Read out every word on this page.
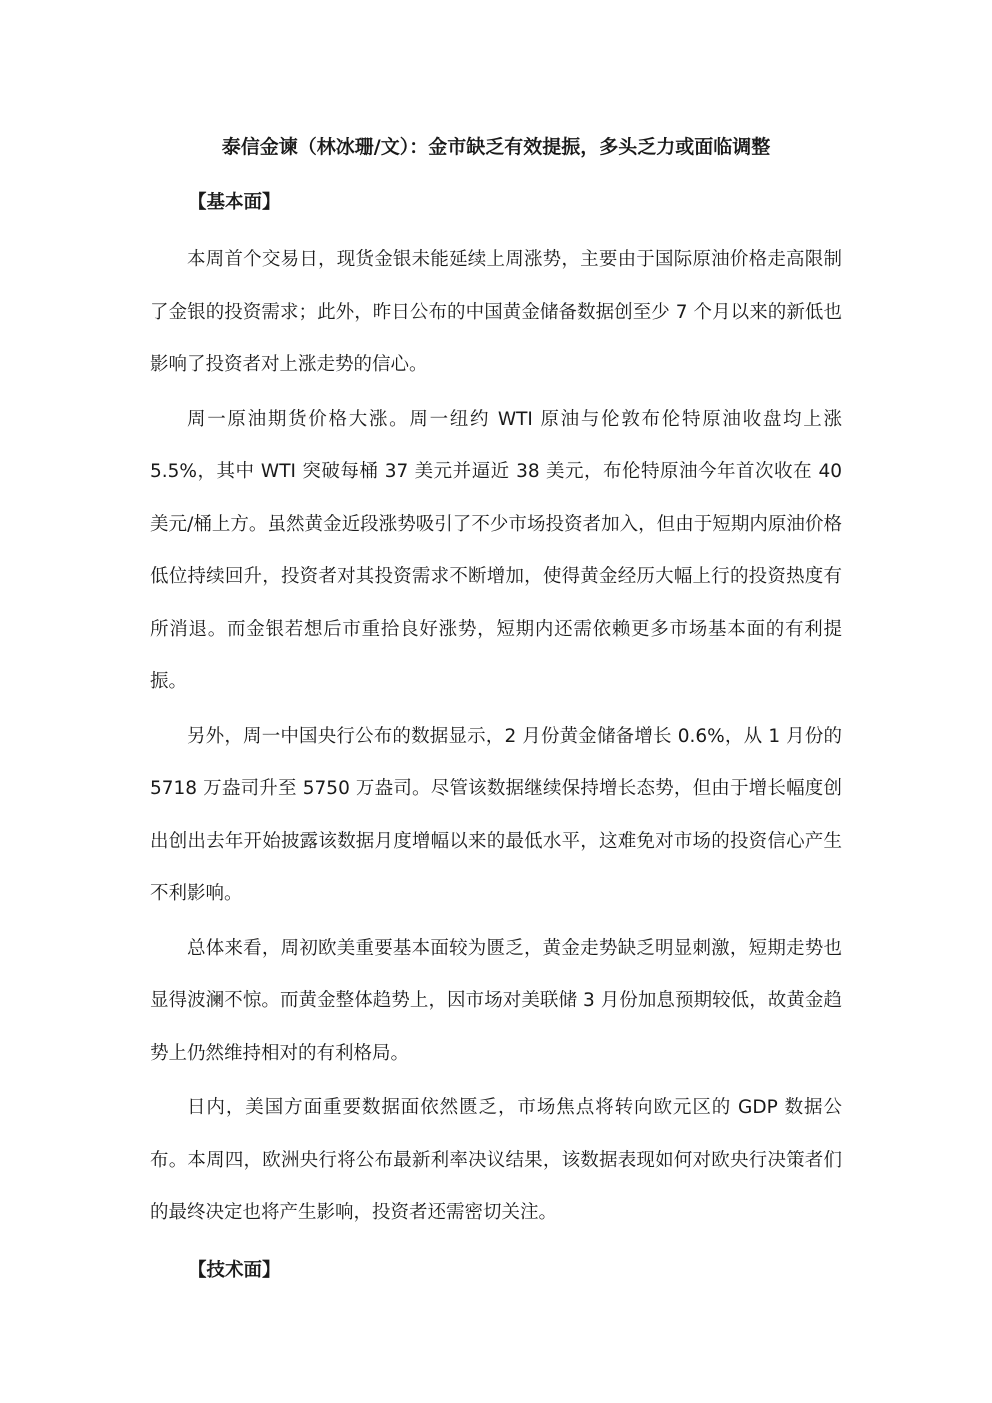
泰信金谏（林冰珊/文）：金市缺乏有效提振，多头乏力或面临调整
【基本面】

本周首个交易日，现货金银未能延续上周涨势，主要由于国际原油价格走高限制了金银的投资需求；此外，昨日公布的中国黄金储备数据创至少 7 个月以来的新低也影响了投资者对上涨走势的信心。

周一原油期货价格大涨。周一纽约 WTI 原油与伦敦布伦特原油收盘均上涨 5.5%，其中 WTI 突破每桶 37 美元并逼近 38 美元，布伦特原油今年首次收在 40 美元/桶上方。虽然黄金近段涨势吸引了不少市场投资者加入，但由于短期内原油价格低位持续回升，投资者对其投资需求不断增加，使得黄金经历大幅上行的投资热度有所消退。而金银若想后市重拾良好涨势，短期内还需依赖更多市场基本面的有利提振。

另外，周一中国央行公布的数据显示，2 月份黄金储备增长 0.6%，从 1 月份的 5718 万盎司升至 5750 万盎司。尽管该数据继续保持增长态势，但由于增长幅度创出创出去年开始披露该数据月度增幅以来的最低水平，这难免对市场的投资信心产生不利影响。

总体来看，周初欧美重要基本面较为匮乏，黄金走势缺乏明显刺激，短期走势也显得波澜不惊。而黄金整体趋势上，因市场对美联储 3 月份加息预期较低，故黄金趋势上仍然维持相对的有利格局。

日内，美国方面重要数据面依然匮乏，市场焦点将转向欧元区的 GDP 数据公布。本周四，欧洲央行将公布最新利率决议结果，该数据表现如何对欧央行决策者们的最终决定也将产生影响，投资者还需密切关注。

【技术面】
